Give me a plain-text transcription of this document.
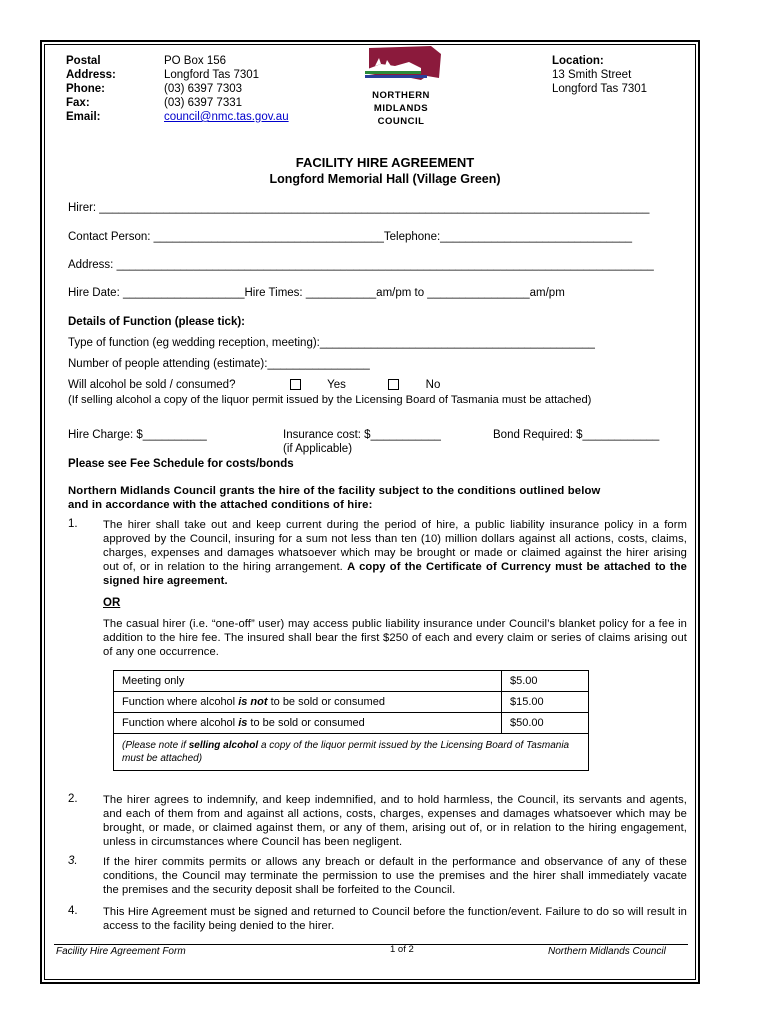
Postal	PO Box 156
Address:	Longford Tas 7301
Phone:	(03) 6397 7303
Fax:	(03) 6397 7331
Email:	council@nmc.tas.gov.au
NORTHERN
MIDLANDS
COUNCIL
Location:
13 Smith Street
Longford Tas 7301
FACILITY HIRE AGREEMENT
Longford Memorial Hall (Village Green)
Hirer: ______________________________________________________________________________________
Contact Person: ____________________________________Telephone:______________________________
Address: ____________________________________________________________________________________
Hire Date: ___________________Hire Times: ___________am/pm to ________________am/pm
Details of Function (please tick):
Type of function (eg wedding reception, meeting):___________________________________________
Number of people attending (estimate):________________
Will alcohol be sold / consumed?	Yes	No
(If selling alcohol a copy of the liquor permit issued by the Licensing Board of Tasmania must be attached)
Hire Charge: $__________	Insurance cost: $___________
(if Applicable)
Bond Required: $____________
Please see Fee Schedule for costs/bonds
Northern Midlands Council grants the hire of the facility subject to the conditions outlined below
and in accordance with the attached conditions of hire:
1. The hirer shall take out and keep current during the period of hire, a public liability insurance policy in a form approved by the Council, insuring for a sum not less than ten (10) million dollars against all actions, costs, claims, charges, expenses and damages whatsoever which may be brought or made or claimed against the hirer arising out of, or in relation to the hiring arrangement. A copy of the Certificate of Currency must be attached to the signed hire agreement.
OR
The casual hirer (i.e. “one-off” user) may access public liability insurance under Council’s blanket policy for a fee in addition to the hire fee. The insured shall bear the first $250 of each and every claim or series of claims arising out of any one occurrence.
Meeting only	$5.00
Function where alcohol is not to be sold or consumed	$15.00
Function where alcohol is to be sold or consumed	$50.00
(Please note if selling alcohol a copy of the liquor permit issued by the Licensing Board of Tasmania must be attached)	
2. The hirer agrees to indemnify, and keep indemnified, and to hold harmless, the Council, its servants and agents, and each of them from and against all actions, costs, charges, expenses and damages whatsoever which may be brought, or made, or claimed against them, or any of them, arising out of, or in relation to the hiring engagement, unless in circumstances where Council has been negligent.
3. If the hirer commits permits or allows any breach or default in the performance and observance of any of these conditions, the Council may terminate the permission to use the premises and the hirer shall immediately vacate the premises and the security deposit shall be forfeited to the Council.
4. This Hire Agreement must be signed and returned to Council before the function/event. Failure to do so will result in access to the facility being denied to the hirer.
Facility Hire Agreement Form	1 of 2	Northern Midlands Council
